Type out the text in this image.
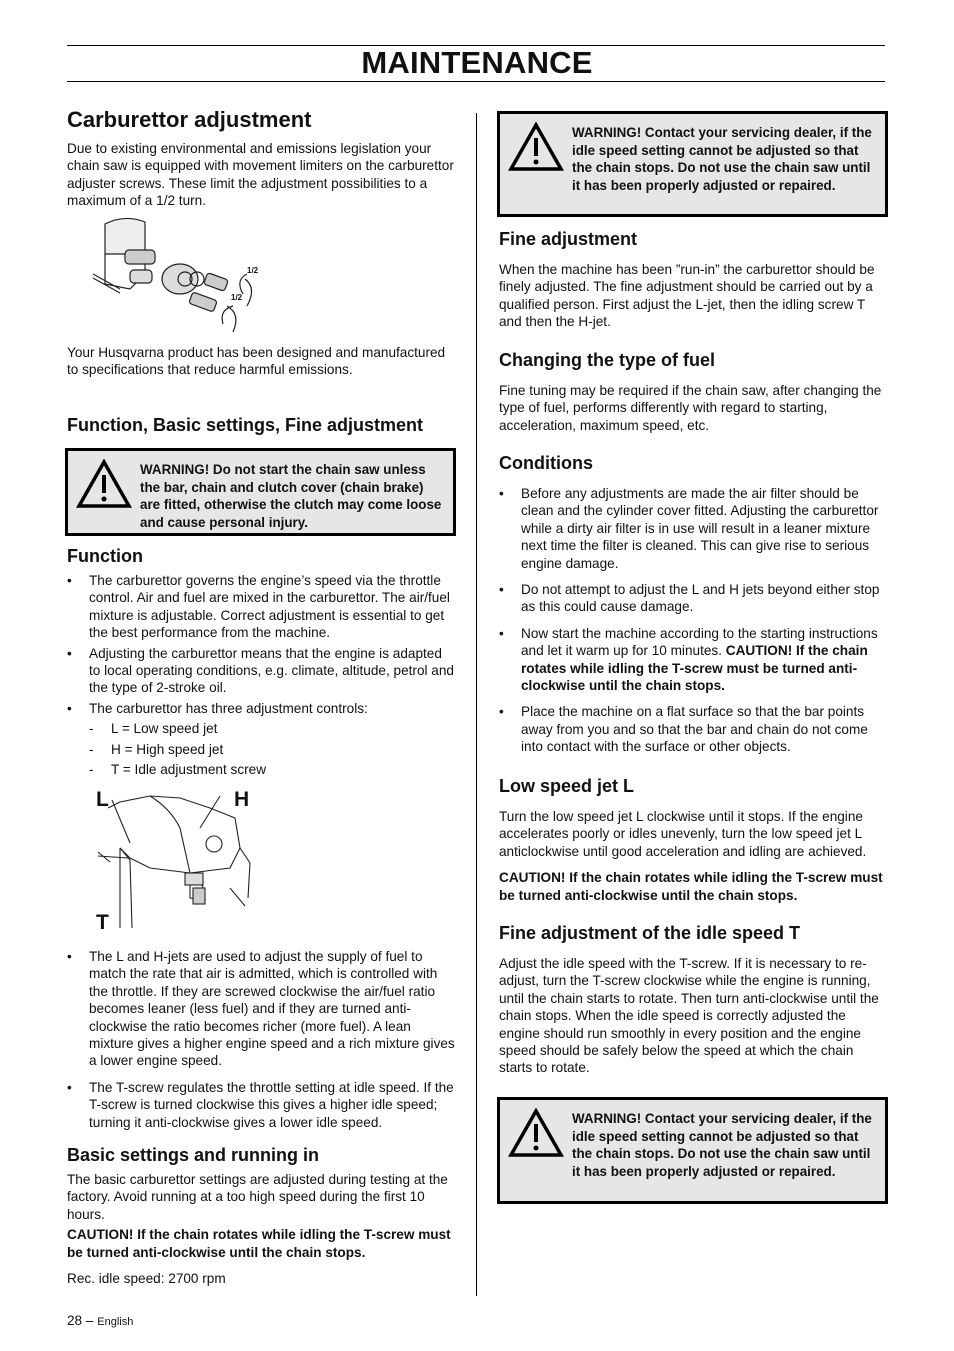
MAINTENANCE
Carburettor adjustment

Due to existing environmental and emissions legislation your chain saw is equipped with movement limiters on the carburettor adjuster screws. These limit the adjustment possibilities to a maximum of a 1/2 turn.

1/2
1/2

Your Husqvarna product has been designed and manufactured to specifications that reduce harmful emissions.

Function, Basic settings, Fine adjustment
WARNING! Do not start the chain saw unless the bar, chain and clutch cover (chain brake) are fitted, otherwise the clutch may come loose and cause personal injury.
Function
• The carburettor governs the engine’s speed via the throttle control. Air and fuel are mixed in the carburettor. The air/fuel mixture is adjustable. Correct adjustment is essential to get the best performance from the machine.
• Adjusting the carburettor means that the engine is adapted to local operating conditions, e.g. climate, altitude, petrol and the type of 2-stroke oil.
• The carburettor has three adjustment controls:
- L = Low speed jet
- H = High speed jet
- T = Idle adjustment screw
L	H
T
• The L and H-jets are used to adjust the supply of fuel to match the rate that air is admitted, which is controlled with the throttle. If they are screwed clockwise the air/fuel ratio becomes leaner (less fuel) and if they are turned anti-clockwise the ratio becomes richer (more fuel). A lean mixture gives a higher engine speed and a rich mixture gives a lower engine speed.
• The T-screw regulates the throttle setting at idle speed. If the T-screw is turned clockwise this gives a higher idle speed; turning it anti-clockwise gives a lower idle speed.
Basic settings and running in

The basic carburettor settings are adjusted during testing at the factory. Avoid running at a too high speed during the first 10 hours.

CAUTION! If the chain rotates while idling the T-screw must be turned anti-clockwise until the chain stops.

Rec. idle speed: 2700 rpm

28 – English
WARNING! Contact your servicing dealer, if the idle speed setting cannot be adjusted so that the chain stops. Do not use the chain saw until it has been properly adjusted or repaired.
Fine adjustment

When the machine has been ”run-in” the carburettor should be finely adjusted. The fine adjustment should be carried out by a qualified person. First adjust the L-jet, then the idling screw T and then the H-jet.

Changing the type of fuel

Fine tuning may be required if the chain saw, after changing the type of fuel, performs differently with regard to starting, acceleration, maximum speed, etc.

Conditions
• Before any adjustments are made the air filter should be clean and the cylinder cover fitted. Adjusting the carburettor while a dirty air filter is in use will result in a leaner mixture next time the filter is cleaned. This can give rise to serious engine damage.
• Do not attempt to adjust the L and H jets beyond either stop as this could cause damage.
• Now start the machine according to the starting instructions and let it warm up for 10 minutes. CAUTION! If the chain rotates while idling the T-screw must be turned anti-clockwise until the chain stops.
• Place the machine on a flat surface so that the bar points away from you and so that the bar and chain do not come into contact with the surface or other objects.
Low speed jet L

Turn the low speed jet L clockwise until it stops. If the engine accelerates poorly or idles unevenly, turn the low speed jet L anticlockwise until good acceleration and idling are achieved.

CAUTION! If the chain rotates while idling the T-screw must be turned anti-clockwise until the chain stops.

Fine adjustment of the idle speed T

Adjust the idle speed with the T-screw. If it is necessary to re-adjust, turn the T-screw clockwise while the engine is running, until the chain starts to rotate. Then turn anti-clockwise until the chain stops. When the idle speed is correctly adjusted the engine should run smoothly in every position and the engine speed should be safely below the speed at which the chain starts to rotate.

WARNING! Contact your servicing dealer, if the idle speed setting cannot be adjusted so that the chain stops. Do not use the chain saw until it has been properly adjusted or repaired.
